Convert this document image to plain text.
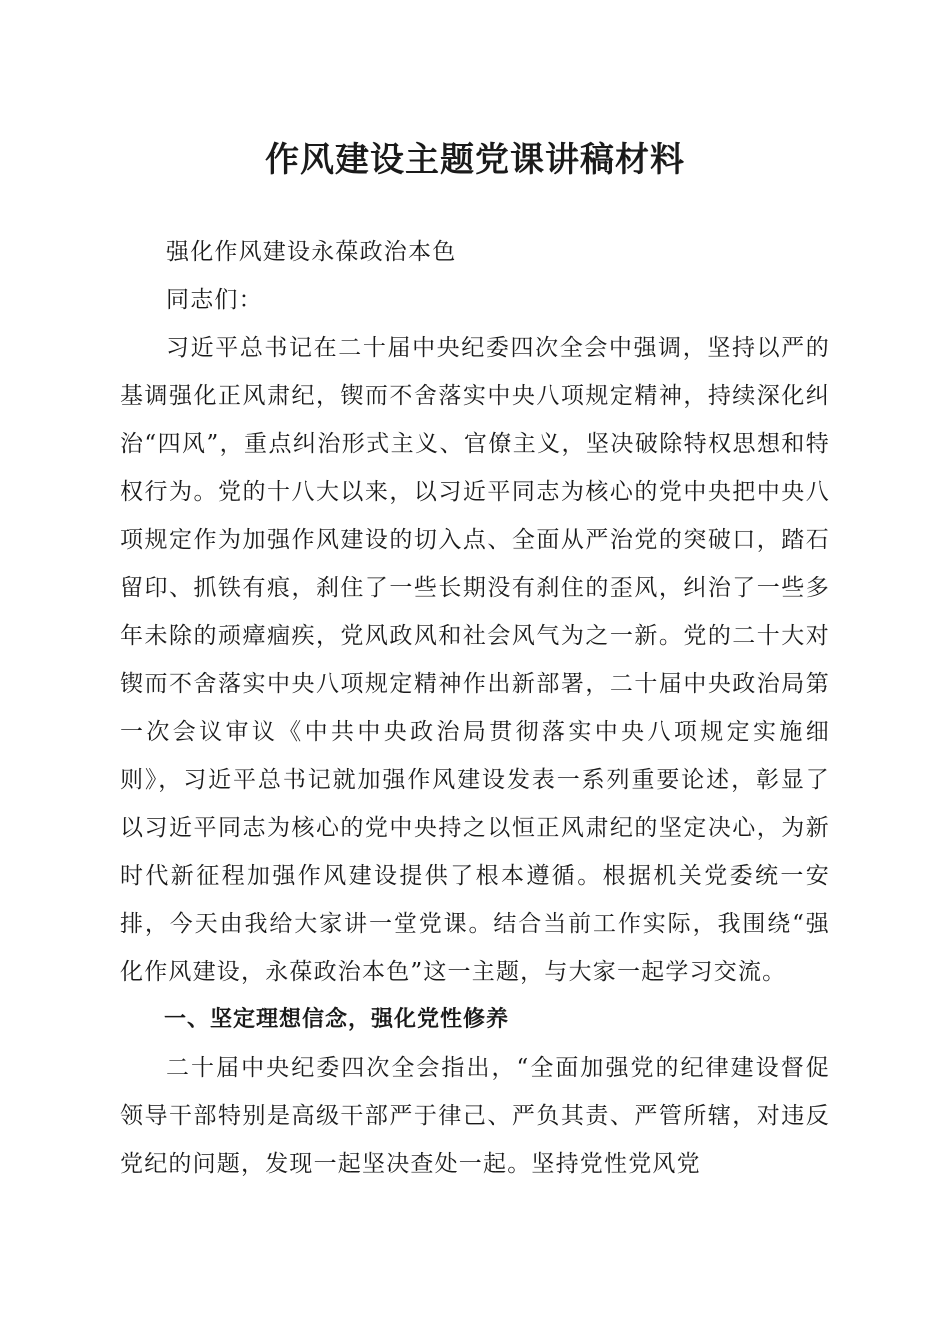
作风建设主题党课讲稿材料

强化作风建设永葆政治本色

同志们：

习近平总书记在二十届中央纪委四次全会中强调，坚持以严的基调强化正风肃纪，锲而不舍落实中央八项规定精神，持续深化纠治“四风”，重点纠治形式主义、官僚主义，坚决破除特权思想和特权行为。党的十八大以来，以习近平同志为核心的党中央把中央八项规定作为加强作风建设的切入点、全面从严治党的突破口，踏石留印、抓铁有痕，刹住了一些长期没有刹住的歪风，纠治了一些多年未除的顽瘴痼疾，党风政风和社会风气为之一新。党的二十大对锲而不舍落实中央八项规定精神作出新部署，二十届中央政治局第一次会议审议《中共中央政治局贯彻落实中央八项规定实施细则》，习近平总书记就加强作风建设发表一系列重要论述，彰显了以习近平同志为核心的党中央持之以恒正风肃纪的坚定决心，为新时代新征程加强作风建设提供了根本遵循。根据机关党委统一安排，今天由我给大家讲一堂党课。结合当前工作实际，我围绕“强化作风建设，永葆政治本色”这一主题，与大家一起学习交流。

一、坚定理想信念，强化党性修养

二十届中央纪委四次全会指出，“全面加强党的纪律建设督促领导干部特别是高级干部严于律己、严负其责、严管所辖，对违反党纪的问题，发现一起坚决查处一起。坚持党性党风党
